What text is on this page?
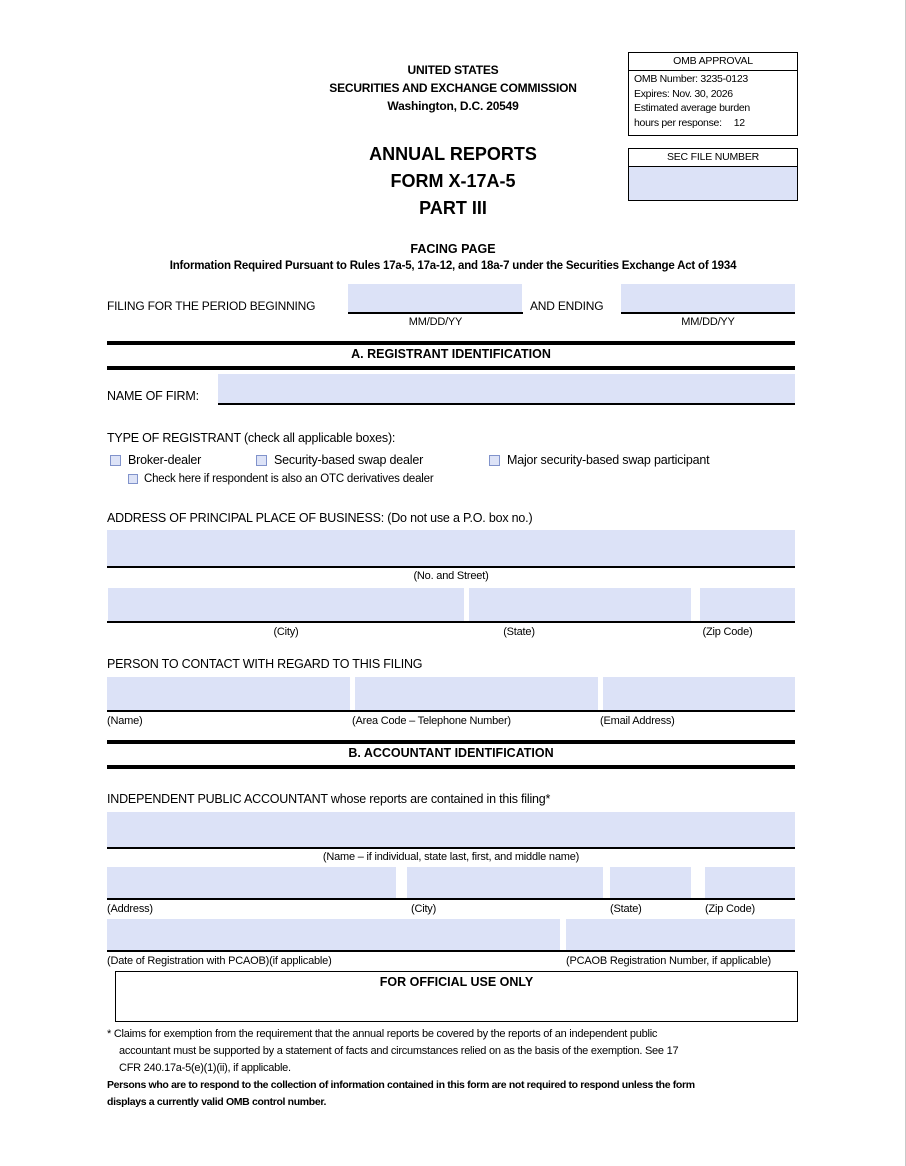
UNITED STATES
SECURITIES AND EXCHANGE COMMISSION
Washington, D.C. 20549
ANNUAL REPORTS
FORM X-17A-5
PART III
OMB APPROVAL
OMB Number: 3235-0123
Expires: Nov. 30, 2026
Estimated average burden
hours per response: 12
SEC FILE NUMBER
FACING PAGE
Information Required Pursuant to Rules 17a-5, 17a-12, and 18a-7 under the Securities Exchange Act of 1934
FILING FOR THE PERIOD BEGINNING	AND ENDING
MM/DD/YY	MM/DD/YY
A. REGISTRANT IDENTIFICATION
NAME OF FIRM:
TYPE OF REGISTRANT (check all applicable boxes):
Broker-dealer	Security-based swap dealer	Major security-based swap participant
Check here if respondent is also an OTC derivatives dealer
ADDRESS OF PRINCIPAL PLACE OF BUSINESS: (Do not use a P.O. box no.)
(No. and Street)
(City)	(State)	(Zip Code)
PERSON TO CONTACT WITH REGARD TO THIS FILING
(Name)	(Area Code – Telephone Number)	(Email Address)
B. ACCOUNTANT IDENTIFICATION
INDEPENDENT PUBLIC ACCOUNTANT whose reports are contained in this filing*
(Name – if individual, state last, first, and middle name)
(Address)	(City)	(State)	(Zip Code)
(Date of Registration with PCAOB)(if applicable)	(PCAOB Registration Number, if applicable)
FOR OFFICIAL USE ONLY
* Claims for exemption from the requirement that the annual reports be covered by the reports of an independent public
accountant must be supported by a statement of facts and circumstances relied on as the basis of the exemption. See 17
CFR 240.17a-5(e)(1)(ii), if applicable.
Persons who are to respond to the collection of information contained in this form are not required to respond unless the form
displays a currently valid OMB control number.
